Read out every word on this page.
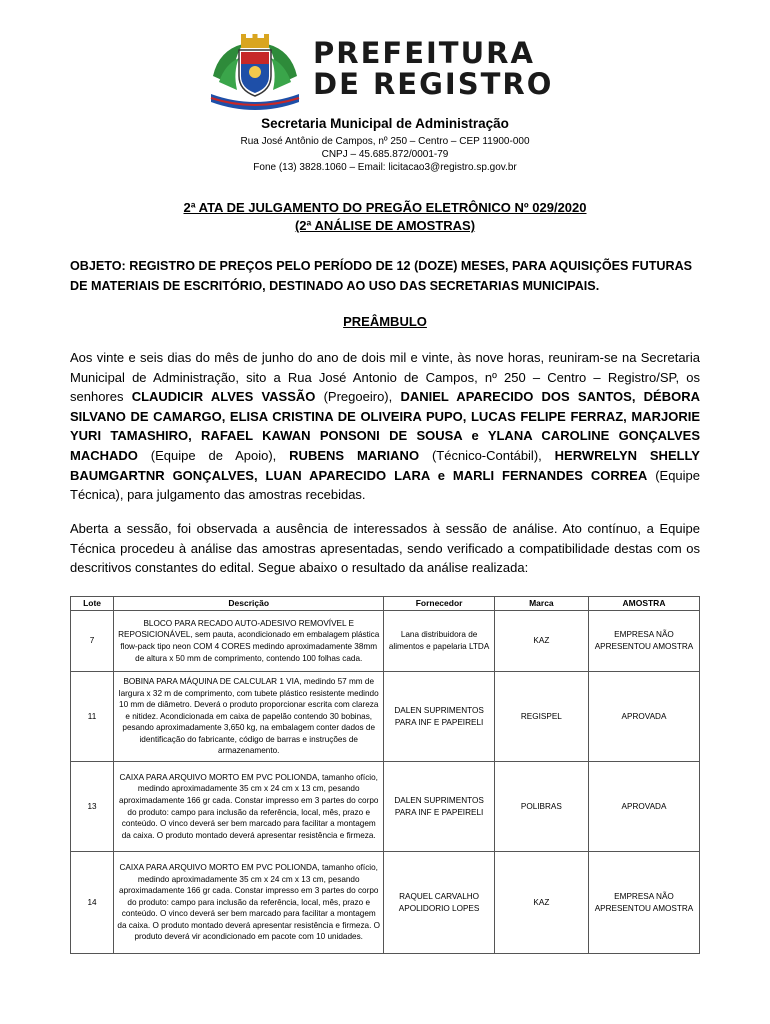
PREFEITURA
DE REGISTRO
Secretaria Municipal de Administração
Rua José Antônio de Campos, nº 250 – Centro – CEP 11900-000
CNPJ – 45.685.872/0001-79
Fone (13) 3828.1060 – Email: licitacao3@registro.sp.gov.br
2ª ATA DE JULGAMENTO DO PREGÃO ELETRÔNICO Nº 029/2020
(2ª ANÁLISE DE AMOSTRAS)
OBJETO: REGISTRO DE PREÇOS PELO PERÍODO DE 12 (DOZE) MESES, PARA AQUISIÇÕES FUTURAS DE MATERIAIS DE ESCRITÓRIO, DESTINADO AO USO DAS SECRETARIAS MUNICIPAIS.
PREÂMBULO
Aos vinte e seis dias do mês de junho do ano de dois mil e vinte, às nove horas, reuniram-se na Secretaria Municipal de Administração, sito a Rua José Antonio de Campos, nº 250 – Centro – Registro/SP, os senhores CLAUDICIR ALVES VASSÃO (Pregoeiro), DANIEL APARECIDO DOS SANTOS, DÉBORA SILVANO DE CAMARGO, ELISA CRISTINA DE OLIVEIRA PUPO, LUCAS FELIPE FERRAZ, MARJORIE YURI TAMASHIRO, RAFAEL KAWAN PONSONI DE SOUSA e YLANA CAROLINE GONÇALVES MACHADO (Equipe de Apoio), RUBENS MARIANO (Técnico-Contábil), HERWRELYN SHELLY BAUMGARTNR GONÇALVES, LUAN APARECIDO LARA e MARLI FERNANDES CORREA (Equipe Técnica), para julgamento das amostras recebidas.
Aberta a sessão, foi observada a ausência de interessados à sessão de análise. Ato contínuo, a Equipe Técnica procedeu à análise das amostras apresentadas, sendo verificado a compatibilidade destas com os descritivos constantes do edital. Segue abaixo o resultado da análise realizada:
Lote	Descrição	Fornecedor	Marca	AMOSTRA
7	BLOCO PARA RECADO AUTO-ADESIVO REMOVÍVEL E REPOSICIONÁVEL, sem pauta, acondicionado em embalagem plástica flow-pack tipo neon COM 4 CORES medindo aproximadamente 38mm de altura x 50 mm de comprimento, contendo 100 folhas cada.	Lana distribuidora de alimentos e papelaria LTDA	KAZ	EMPRESA NÃO APRESENTOU AMOSTRA
11	BOBINA PARA MÁQUINA DE CALCULAR 1 VIA, medindo 57 mm de largura x 32 m de comprimento, com tubete plástico resistente medindo 10 mm de diâmetro. Deverá o produto proporcionar escrita com clareza e nitidez. Acondicionada em caixa de papelão contendo 30 bobinas, pesando aproximadamente 3,650 kg, na embalagem conter dados de identificação do fabricante, código de barras e instruções de armazenamento.	DALEN SUPRIMENTOS PARA INF E PAPEIRELI	REGISPEL	APROVADA
13	CAIXA PARA ARQUIVO MORTO EM PVC POLIONDA, tamanho ofício, medindo aproximadamente 35 cm x 24 cm x 13 cm, pesando aproximadamente 166 gr cada. Constar impresso em 3 partes do corpo do produto: campo para inclusão da referência, local, mês, prazo e conteúdo. O vinco deverá ser bem marcado para facilitar a montagem da caixa. O produto montado deverá apresentar resistência e firmeza.	DALEN SUPRIMENTOS PARA INF E PAPEIRELI	POLIBRAS	APROVADA
14	CAIXA PARA ARQUIVO MORTO EM PVC POLIONDA, tamanho ofício, medindo aproximadamente 35 cm x 24 cm x 13 cm, pesando aproximadamente 166 gr cada. Constar impresso em 3 partes do corpo do produto: campo para inclusão da referência, local, mês, prazo e conteúdo. O vinco deverá ser bem marcado para facilitar a montagem da caixa. O produto montado deverá apresentar resistência e firmeza. O produto deverá vir acondicionado em pacote com 10 unidades.	RAQUEL CARVALHO APOLIDORIO LOPES	KAZ	EMPRESA NÃO APRESENTOU AMOSTRA
